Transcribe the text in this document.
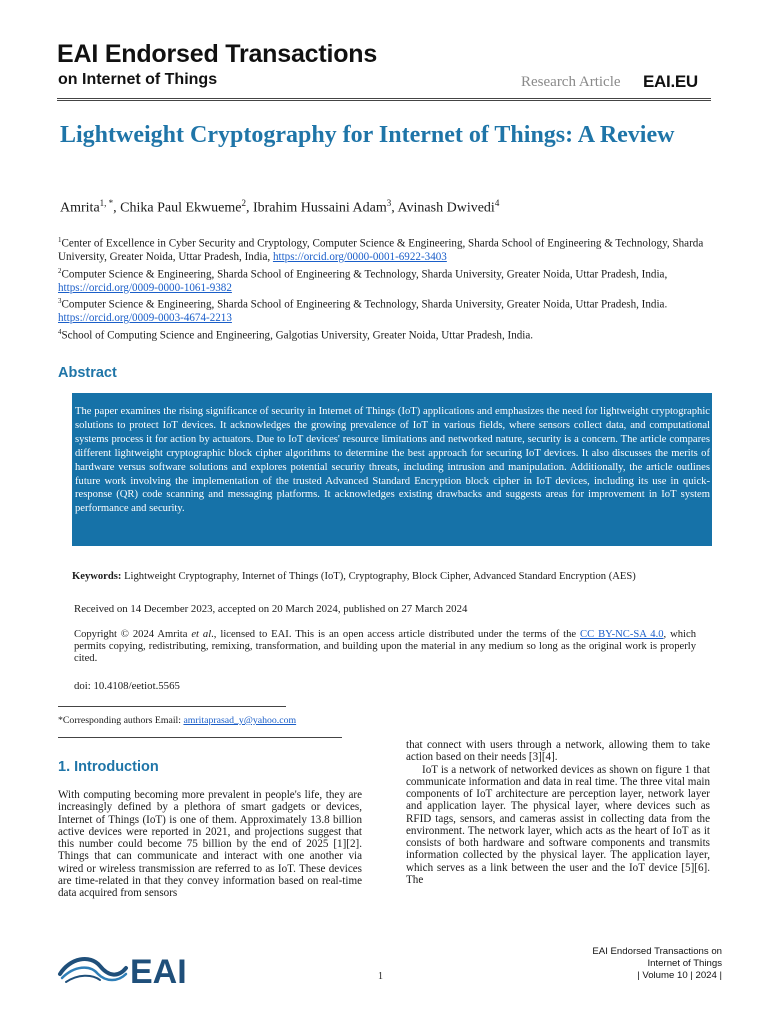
EAI Endorsed Transactions
on Internet of Things	Research Article EAI.EU
Lightweight Cryptography for Internet of Things: A Review
Amrita$^{1, *}$, Chika Paul Ekwueme$^2$, Ibrahim Hussaini Adam$^3$, Avinash Dwivedi$^4$
$^1$Center of Excellence in Cyber Security and Cryptology, Computer Science & Engineering, Sharda School of Engineering & Technology, Sharda University, Greater Noida, Uttar Pradesh, India, https://orcid.org/0000-0001-6922-3403
$^2$Computer Science & Engineering, Sharda School of Engineering & Technology, Sharda University, Greater Noida, Uttar Pradesh, India, https://orcid.org/0009-0000-1061-9382
$^3$Computer Science & Engineering, Sharda School of Engineering & Technology, Sharda University, Greater Noida, Uttar Pradesh, India. https://orcid.org/0009-0003-4674-2213
$^4$School of Computing Science and Engineering, Galgotias University, Greater Noida, Uttar Pradesh, India.
Abstract
The paper examines the rising significance of security in Internet of Things (IoT) applications and emphasizes the need for lightweight cryptographic solutions to protect IoT devices. It acknowledges the growing prevalence of IoT in various fields, where sensors collect data, and computational systems process it for action by actuators. Due to IoT devices' resource limitations and networked nature, security is a concern. The article compares different lightweight cryptographic block cipher algorithms to determine the best approach for securing IoT devices. It also discusses the merits of hardware versus software solutions and explores potential security threats, including intrusion and manipulation. Additionally, the article outlines future work involving the implementation of the trusted Advanced Standard Encryption block cipher in IoT devices, including its use in quick-response (QR) code scanning and messaging platforms. It acknowledges existing drawbacks and suggests areas for improvement in IoT system performance and security.
Keywords: Lightweight Cryptography, Internet of Things (IoT), Cryptography, Block Cipher, Advanced Standard Encryption (AES)
Received on 14 December 2023, accepted on 20 March 2024, published on 27 March 2024
Copyright © 2024 Amrita et al., licensed to EAI. This is an open access article distributed under the terms of the CC BY-NC-SA 4.0, which permits copying, redistributing, remixing, transformation, and building upon the material in any medium so long as the original work is properly cited.
doi: 10.4108/eetiot.5565
*Corresponding authors Email: amritaprasad_y@yahoo.com
1. Introduction
With computing becoming more prevalent in people's life, they are increasingly defined by a plethora of smart gadgets or devices, Internet of Things (IoT) is one of them. Approximately 13.8 billion active devices were reported in 2021, and projections suggest that this number could become 75 billion by the end of 2025 [1][2]. Things that can communicate and interact with one another via wired or wireless transmission are referred to as IoT. These devices are time-related in that they convey information based on real-time data acquired from sensors
that connect with users through a network, allowing them to take action based on their needs [3][4].
IoT is a network of networked devices as shown on figure 1 that communicate information and data in real time. The three vital main components of IoT architecture are perception layer, network layer and application layer. The physical layer, where devices such as RFID tags, sensors, and cameras assist in collecting data from the environment. The network layer, which acts as the heart of IoT as it consists of both hardware and software components and transmits information collected by the physical layer. The application layer, which serves as a link between the user and the IoT device [5][6]. The
EAI	1
EAI Endorsed Transactions on
Internet of Things
| Volume 10 | 2024 |
